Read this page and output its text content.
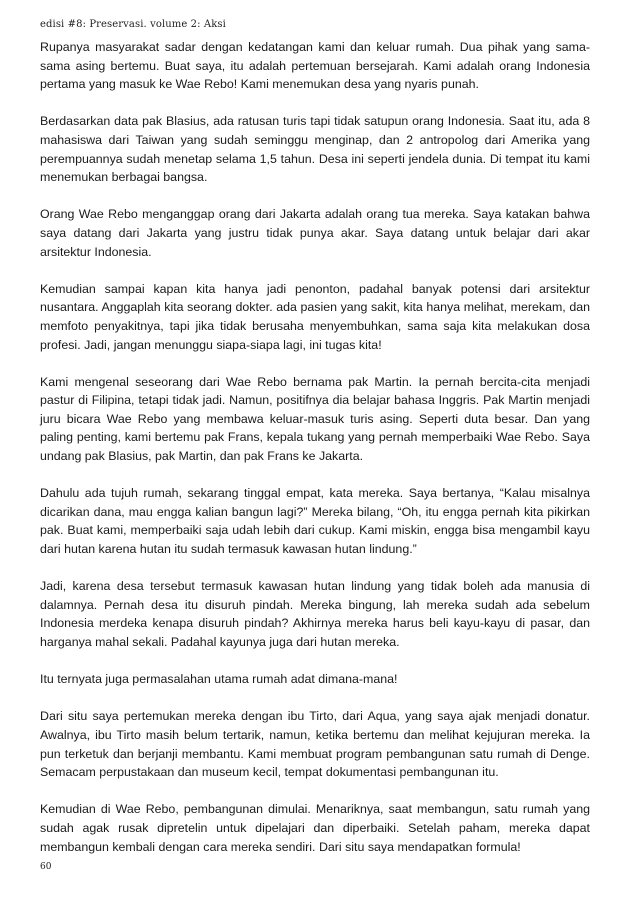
edisi #8: Preservasi. volume 2: Aksi

Rupanya masyarakat sadar dengan kedatangan kami dan keluar rumah. Dua pihak yang sama-sama asing bertemu. Buat saya, itu adalah pertemuan bersejarah. Kami adalah orang Indonesia pertama yang masuk ke Wae Rebo! Kami menemukan desa yang nyaris punah.

Berdasarkan data pak Blasius, ada ratusan turis tapi tidak satupun orang Indonesia. Saat itu, ada 8 mahasiswa dari Taiwan yang sudah seminggu menginap, dan 2 antropolog dari Amerika yang perempuannya sudah menetap selama 1,5 tahun. Desa ini seperti jendela dunia. Di tempat itu kami menemukan berbagai bangsa.

Orang Wae Rebo menganggap orang dari Jakarta adalah orang tua mereka. Saya katakan bahwa saya datang dari Jakarta yang justru tidak punya akar. Saya datang untuk belajar dari akar arsitektur Indonesia.

Kemudian sampai kapan kita hanya jadi penonton, padahal banyak potensi dari arsitektur nusantara. Anggaplah kita seorang dokter. ada pasien yang sakit, kita hanya melihat, merekam, dan memfoto penyakitnya, tapi jika tidak berusaha menyembuhkan, sama saja kita melakukan dosa profesi. Jadi, jangan menunggu siapa-siapa lagi, ini tugas kita!

Kami mengenal seseorang dari Wae Rebo bernama pak Martin. Ia pernah bercita-cita menjadi pastur di Filipina, tetapi tidak jadi. Namun, positifnya dia belajar bahasa Inggris. Pak Martin menjadi juru bicara Wae Rebo yang membawa keluar-masuk turis asing. Seperti duta besar. Dan yang paling penting, kami bertemu pak Frans, kepala tukang yang pernah memperbaiki Wae Rebo. Saya undang pak Blasius, pak Martin, dan pak Frans ke Jakarta.

Dahulu ada tujuh rumah, sekarang tinggal empat, kata mereka. Saya bertanya, “Kalau misalnya dicarikan dana, mau engga kalian bangun lagi?” Mereka bilang, “Oh, itu engga pernah kita pikirkan pak. Buat kami, memperbaiki saja udah lebih dari cukup. Kami miskin, engga bisa mengambil kayu dari hutan karena hutan itu sudah termasuk kawasan hutan lindung.”

Jadi, karena desa tersebut termasuk kawasan hutan lindung yang tidak boleh ada manusia di dalamnya. Pernah desa itu disuruh pindah. Mereka bingung, lah mereka sudah ada sebelum Indonesia merdeka kenapa disuruh pindah? Akhirnya mereka harus beli kayu-kayu di pasar, dan harganya mahal sekali. Padahal kayunya juga dari hutan mereka.

Itu ternyata juga permasalahan utama rumah adat dimana-mana!

Dari situ saya pertemukan mereka dengan ibu Tirto, dari Aqua, yang saya ajak menjadi donatur. Awalnya, ibu Tirto masih belum tertarik, namun, ketika bertemu dan melihat kejujuran mereka. Ia pun terketuk dan berjanji membantu. Kami membuat program pembangunan satu rumah di Denge. Semacam perpustakaan dan museum kecil, tempat dokumentasi pembangunan itu.

Kemudian di Wae Rebo, pembangunan dimulai. Menariknya, saat membangun, satu rumah yang sudah agak rusak dipretelin untuk dipelajari dan diperbaiki. Setelah paham, mereka dapat membangun kembali dengan cara mereka sendiri. Dari situ saya mendapatkan formula!

60
